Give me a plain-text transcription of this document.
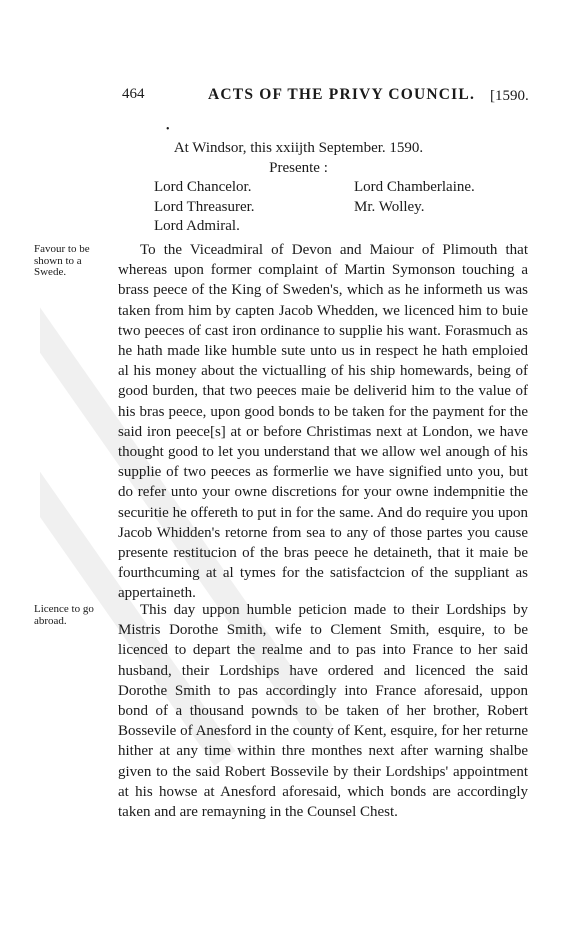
464	ACTS OF THE PRIVY COUNCIL. [1590.
•
At Windsor, this xxiijth September. 1590.
Presente :
Lord Chancelor.
Lord Threasurer.
Lord Admiral.
Lord Chamberlaine.
Mr. Wolley.
Favour to be shown to a Swede.

To the Viceadmiral of Devon and Maiour of Plimouth that whereas upon former complaint of Martin Symonson touching a brass peece of the King of Sweden's, which as he informeth us was taken from him by capten Jacob Whedden, we licenced him to buie two peeces of cast iron ordinance to supplie his want. Forasmuch as he hath made like humble sute unto us in respect he hath emploied al his money about the victualling of his ship homewards, being of good burden, that two peeces maie be deliverid him to the value of his bras peece, upon good bonds to be taken for the payment for the said iron peece[s] at or before Christimas next at London, we have thought good to let you understand that we allow wel anough of his supplie of two peeces as formerlie we have signified unto you, but do refer unto your owne discretions for your owne indempnitie the securitie he offereth to put in for the same. And do require you upon Jacob Whidden's retorne from sea to any of those partes you cause presente restitucion of the bras peece he detaineth, that it maie be fourthcuming at al tymes for the satisfactcion of the suppliant as appertaineth.

Licence to go abroad.

This day uppon humble peticion made to their Lordships by Mistris Dorothe Smith, wife to Clement Smith, esquire, to be licenced to depart the realme and to pas into France to her said husband, their Lordships have ordered and licenced the said Dorothe Smith to pas accordingly into France aforesaid, uppon bond of a thousand pownds to be taken of her brother, Robert Bossevile of Anesford in the county of Kent, esquire, for her returne hither at any time within thre monthes next after warning shalbe given to the said Robert Bossevile by their Lordships' appointment at his howse at Anesford aforesaid, which bonds are accordingly taken and are remayning in the Counsel Chest.
